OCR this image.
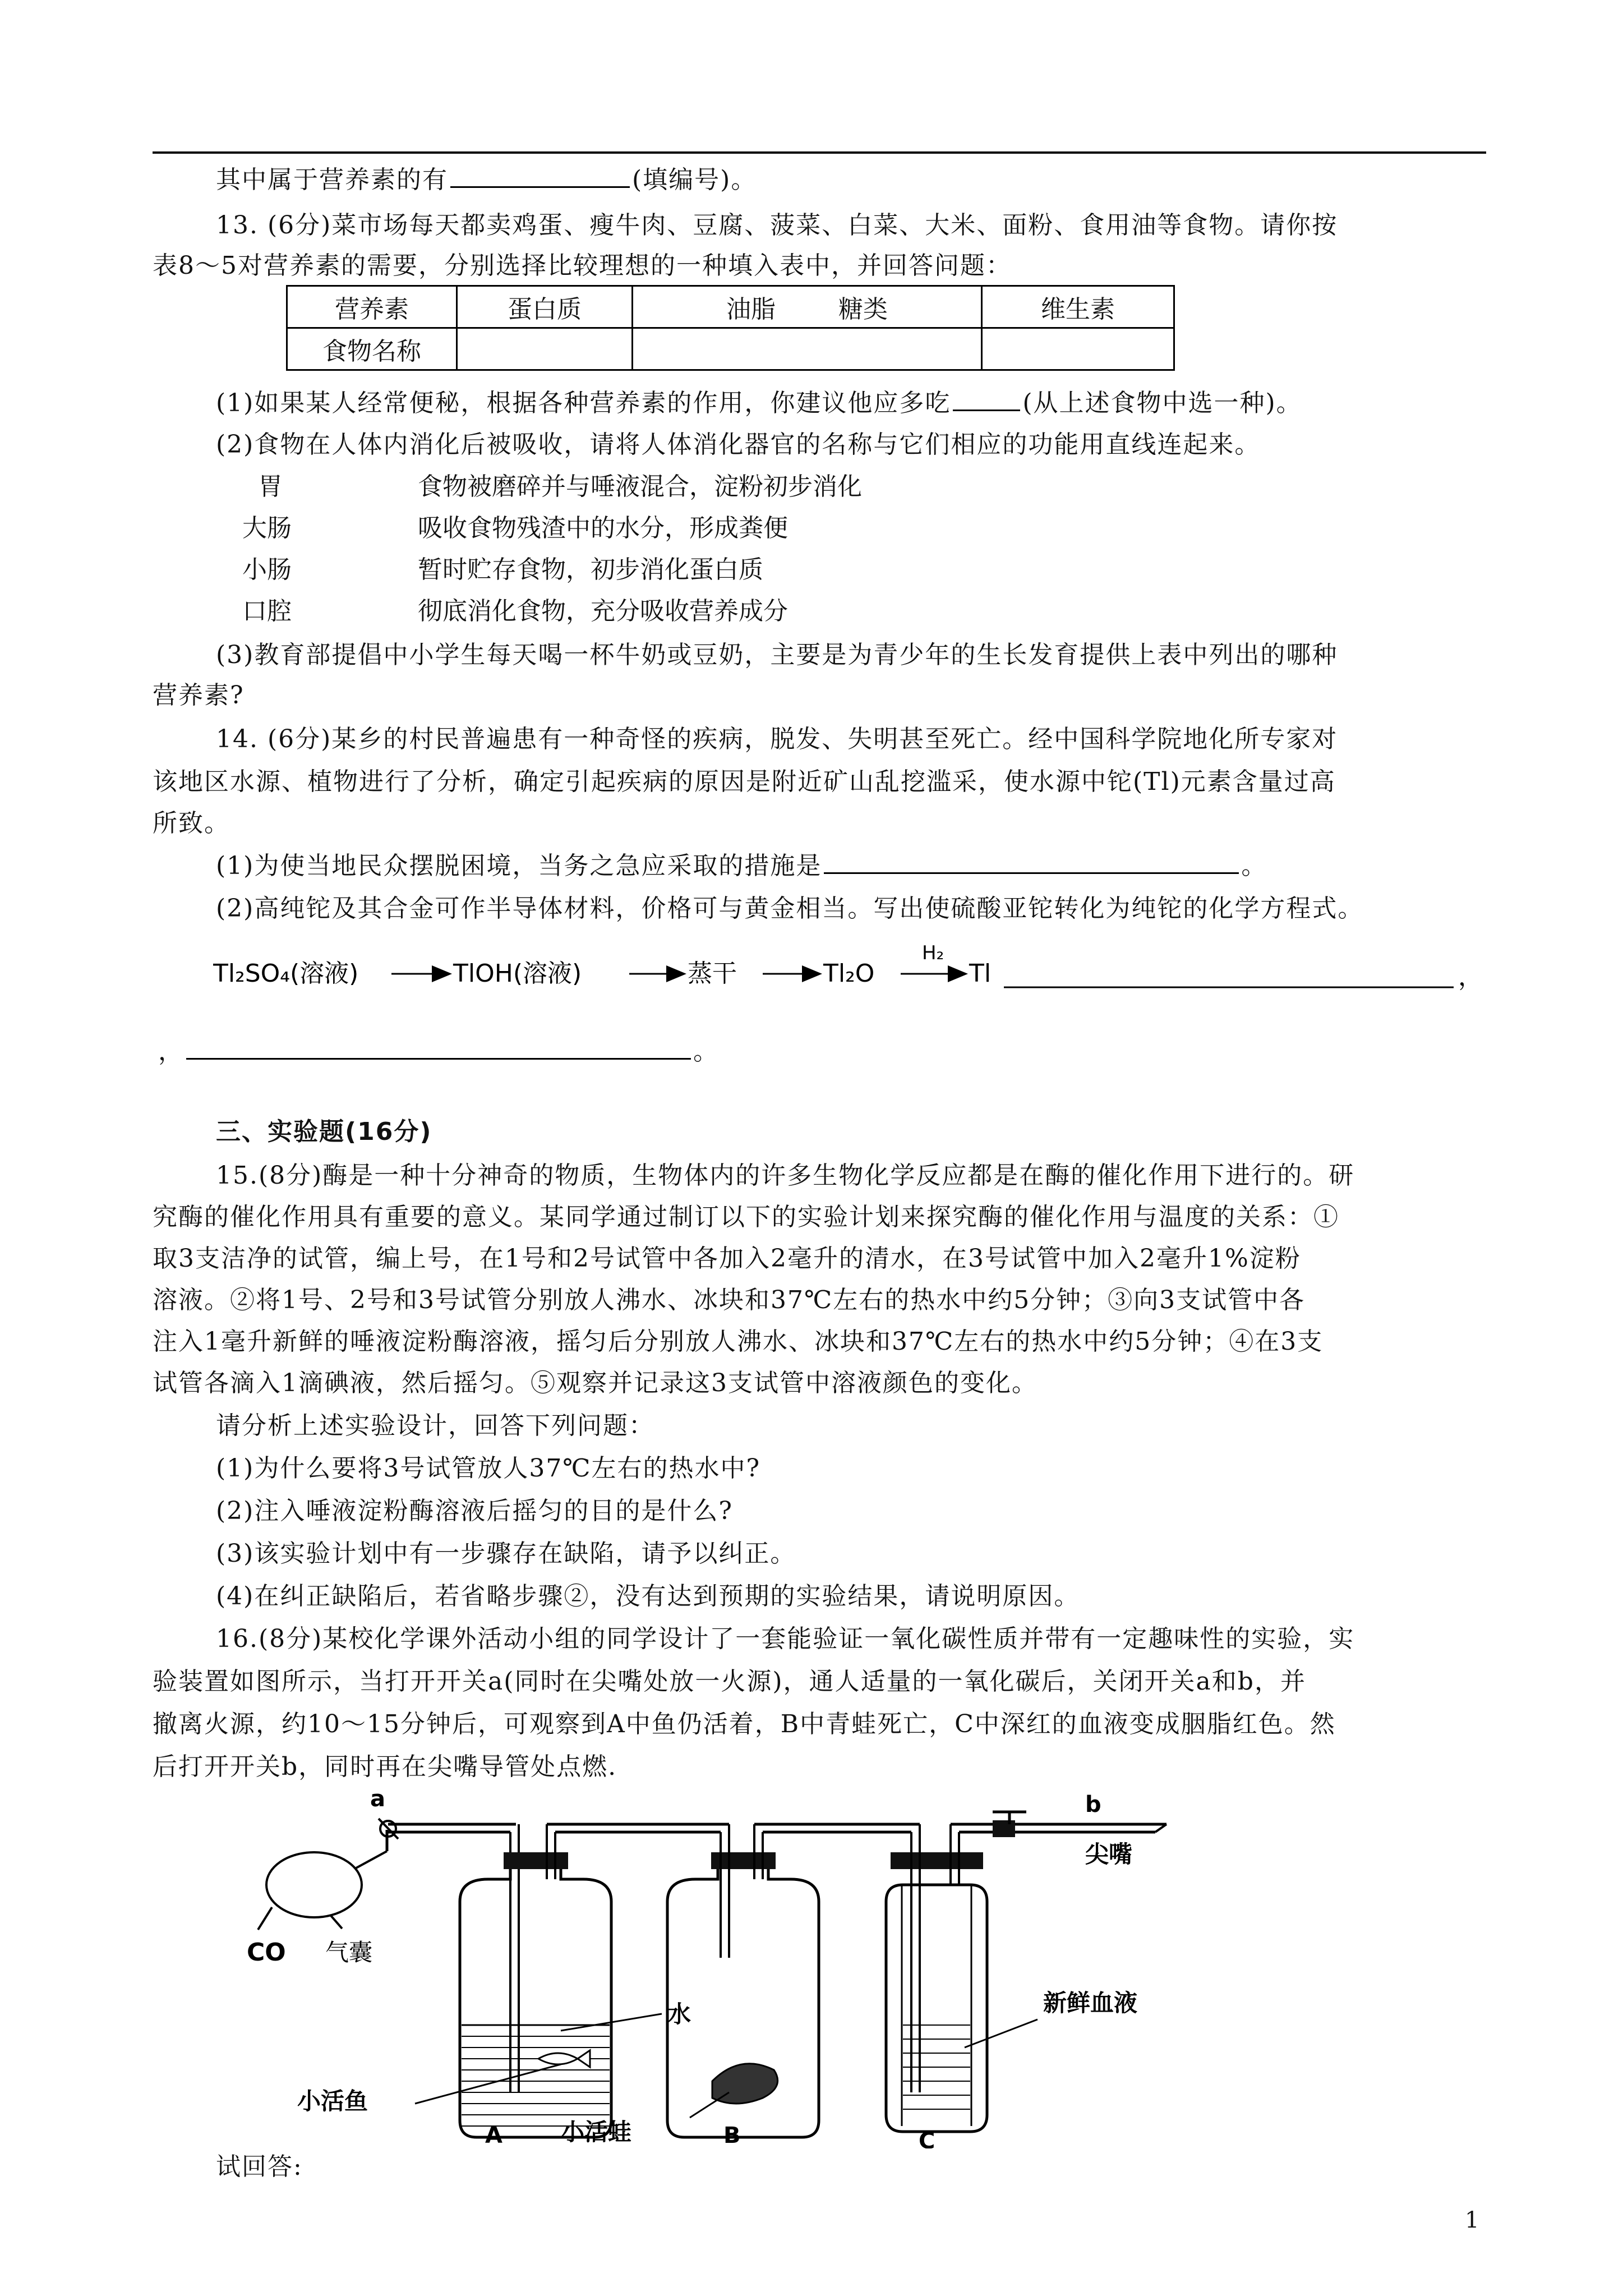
其中属于营养素的有	(填编号)。
13. (6分)菜市场每天都卖鸡蛋、瘦牛肉、豆腐、菠菜、白菜、大米、面粉、食用油等食物。请你按
表8～5对营养素的需要，分别选择比较理想的一种填入表中，并回答问题：
营养素	蛋白质	油脂 糖类	维生素
食物名称			
(1)如果某人经常便秘，根据各种营养素的作用，你建议他应多吃	(从上述食物中选一种)。
(2)食物在人体内消化后被吸收，请将人体消化器官的名称与它们相应的功能用直线连起来。
胃	食物被磨碎并与唾液混合，淀粉初步消化
大肠	吸收食物残渣中的水分，形成粪便
小肠	暂时贮存食物，初步消化蛋白质
口腔	彻底消化食物，充分吸收营养成分
(3)教育部提倡中小学生每天喝一杯牛奶或豆奶，主要是为青少年的生长发育提供上表中列出的哪种
营养素?
14. (6分)某乡的村民普遍患有一种奇怪的疾病，脱发、失明甚至死亡。经中国科学院地化所专家对
该地区水源、植物进行了分析，确定引起疾病的原因是附近矿山乱挖滥采，使水源中铊(Tl)元素含量过高
所致。
(1)为使当地民众摆脱困境，当务之急应采取的措施是	。
(2)高纯铊及其合金可作半导体材料，价格可与黄金相当。写出使硫酸亚铊转化为纯铊的化学方程式。
Tl₂SO₄(溶液)	TlOH(溶液)	蒸干	Tl₂O
H₂
Tl	，
，	。
三、实验题(16分)
15.(8分)酶是一种十分神奇的物质，生物体内的许多生物化学反应都是在酶的催化作用下进行的。研
究酶的催化作用具有重要的意义。某同学通过制订以下的实验计划来探究酶的催化作用与温度的关系：①
取3支洁净的试管，编上号，在1号和2号试管中各加入2毫升的清水，在3号试管中加入2毫升1%淀粉
溶液。②将1号、2号和3号试管分别放人沸水、冰块和37℃左右的热水中约5分钟；③向3支试管中各
注入1毫升新鲜的唾液淀粉酶溶液，摇匀后分别放人沸水、冰块和37℃左右的热水中约5分钟；④在3支
试管各滴入1滴碘液，然后摇匀。⑤观察并记录这3支试管中溶液颜色的变化。
请分析上述实验设计，回答下列问题：
(1)为什么要将3号试管放人37℃左右的热水中?
(2)注入唾液淀粉酶溶液后摇匀的目的是什么?
(3)该实验计划中有一步骤存在缺陷，请予以纠正。
(4)在纠正缺陷后，若省略步骤②，没有达到预期的实验结果，请说明原因。
16.(8分)某校化学课外活动小组的同学设计了一套能验证一氧化碳性质并带有一定趣味性的实验，实
验装置如图所示，当打开开关a(同时在尖嘴处放一火源)，通人适量的一氧化碳后，关闭开关a和b，并
撤离火源，约10～15分钟后，可观察到A中鱼仍活着，B中青蛙死亡，C中深红的血液变成胭脂红色。然
后打开开关b，同时再在尖嘴导管处点燃.
CO 气囊
a
小活鱼
水
A 小活蛙	B
新鲜血液
C
b
尖嘴
试回答:
1
